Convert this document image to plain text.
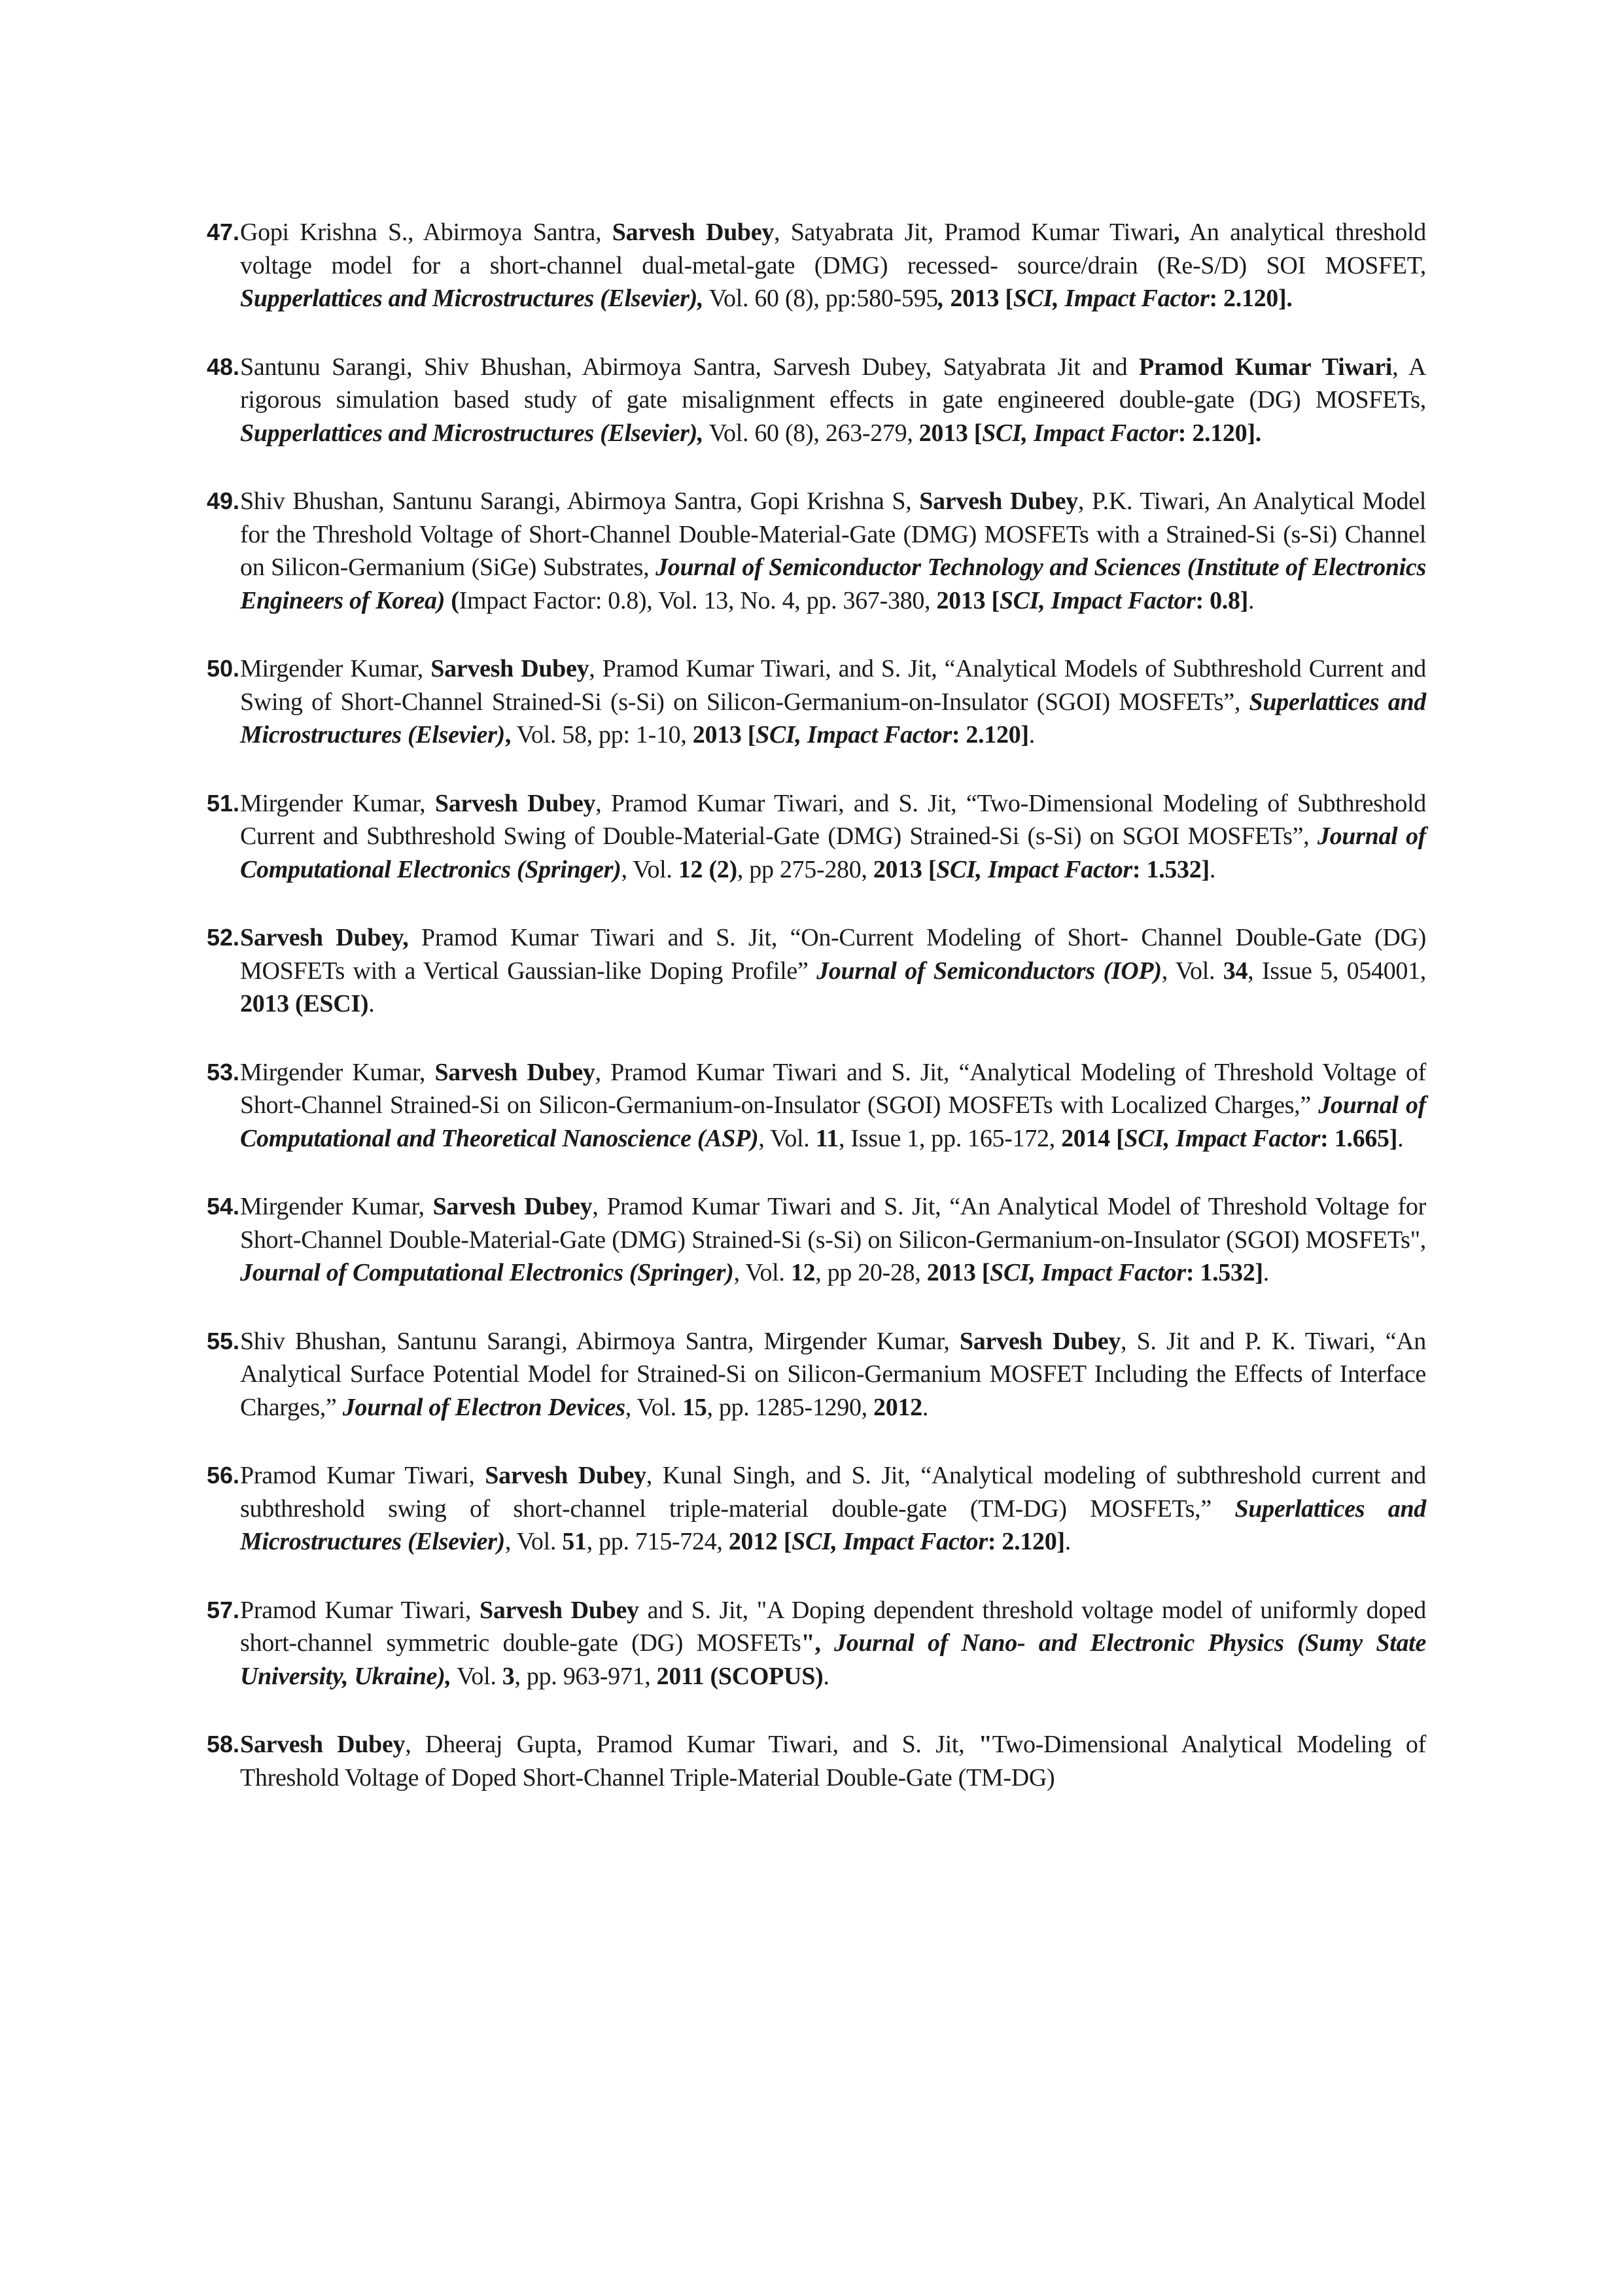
47. Gopi Krishna S., Abirmoya Santra, Sarvesh Dubey, Satyabrata Jit, Pramod Kumar Tiwari, An analytical threshold voltage model for a short-channel dual-metal-gate (DMG) recessed- source/drain (Re-S/D) SOI MOSFET, Supperlattices and Microstructures (Elsevier), Vol. 60 (8), pp:580-595, 2013 [SCI, Impact Factor: 2.120].
48. Santunu Sarangi, Shiv Bhushan, Abirmoya Santra, Sarvesh Dubey, Satyabrata Jit and Pramod Kumar Tiwari, A rigorous simulation based study of gate misalignment effects in gate engineered double-gate (DG) MOSFETs, Supperlattices and Microstructures (Elsevier), Vol. 60 (8), 263-279, 2013 [SCI, Impact Factor: 2.120].
49. Shiv Bhushan, Santunu Sarangi, Abirmoya Santra, Gopi Krishna S, Sarvesh Dubey, P.K. Tiwari, An Analytical Model for the Threshold Voltage of Short-Channel Double-Material-Gate (DMG) MOSFETs with a Strained-Si (s-Si) Channel on Silicon-Germanium (SiGe) Substrates, Journal of Semiconductor Technology and Sciences (Institute of Electronics Engineers of Korea) (Impact Factor: 0.8), Vol. 13, No. 4, pp. 367-380, 2013 [SCI, Impact Factor: 0.8].
50. Mirgender Kumar, Sarvesh Dubey, Pramod Kumar Tiwari, and S. Jit, “Analytical Models of Subthreshold Current and Swing of Short-Channel Strained-Si (s-Si) on Silicon-Germanium-on-Insulator (SGOI) MOSFETs”, Superlattices and Microstructures (Elsevier), Vol. 58, pp: 1-10, 2013 [SCI, Impact Factor: 2.120].
51. Mirgender Kumar, Sarvesh Dubey, Pramod Kumar Tiwari, and S. Jit, “Two-Dimensional Modeling of Subthreshold Current and Subthreshold Swing of Double-Material-Gate (DMG) Strained-Si (s-Si) on SGOI MOSFETs”, Journal of Computational Electronics (Springer), Vol. 12 (2), pp 275-280, 2013 [SCI, Impact Factor: 1.532].
52. Sarvesh Dubey, Pramod Kumar Tiwari and S. Jit, “On-Current Modeling of Short- Channel Double-Gate (DG) MOSFETs with a Vertical Gaussian-like Doping Profile” Journal of Semiconductors (IOP), Vol. 34, Issue 5, 054001, 2013 (ESCI).
53. Mirgender Kumar, Sarvesh Dubey, Pramod Kumar Tiwari and S. Jit, “Analytical Modeling of Threshold Voltage of Short-Channel Strained-Si on Silicon-Germanium-on-Insulator (SGOI) MOSFETs with Localized Charges,” Journal of Computational and Theoretical Nanoscience (ASP), Vol. 11, Issue 1, pp. 165-172, 2014 [SCI, Impact Factor: 1.665].
54. Mirgender Kumar, Sarvesh Dubey, Pramod Kumar Tiwari and S. Jit, “An Analytical Model of Threshold Voltage for Short-Channel Double-Material-Gate (DMG) Strained-Si (s-Si) on Silicon-Germanium-on-Insulator (SGOI) MOSFETs", Journal of Computational Electronics (Springer), Vol. 12, pp 20-28, 2013 [SCI, Impact Factor: 1.532].
55. Shiv Bhushan, Santunu Sarangi, Abirmoya Santra, Mirgender Kumar, Sarvesh Dubey, S. Jit and P. K. Tiwari, “An Analytical Surface Potential Model for Strained-Si on Silicon-Germanium MOSFET Including the Effects of Interface Charges,” Journal of Electron Devices, Vol. 15, pp. 1285-1290, 2012.
56. Pramod Kumar Tiwari, Sarvesh Dubey, Kunal Singh, and S. Jit, “Analytical modeling of subthreshold current and subthreshold swing of short-channel triple-material double-gate (TM-DG) MOSFETs,” Superlattices and Microstructures (Elsevier), Vol. 51, pp. 715-724, 2012 [SCI, Impact Factor: 2.120].
57. Pramod Kumar Tiwari, Sarvesh Dubey and S. Jit, "A Doping dependent threshold voltage model of uniformly doped short-channel symmetric double-gate (DG) MOSFETs", Journal of Nano- and Electronic Physics (Sumy State University, Ukraine), Vol. 3, pp. 963-971, 2011 (SCOPUS).
58. Sarvesh Dubey, Dheeraj Gupta, Pramod Kumar Tiwari, and S. Jit, "Two-Dimensional Analytical Modeling of Threshold Voltage of Doped Short-Channel Triple-Material Double-Gate (TM-DG)
